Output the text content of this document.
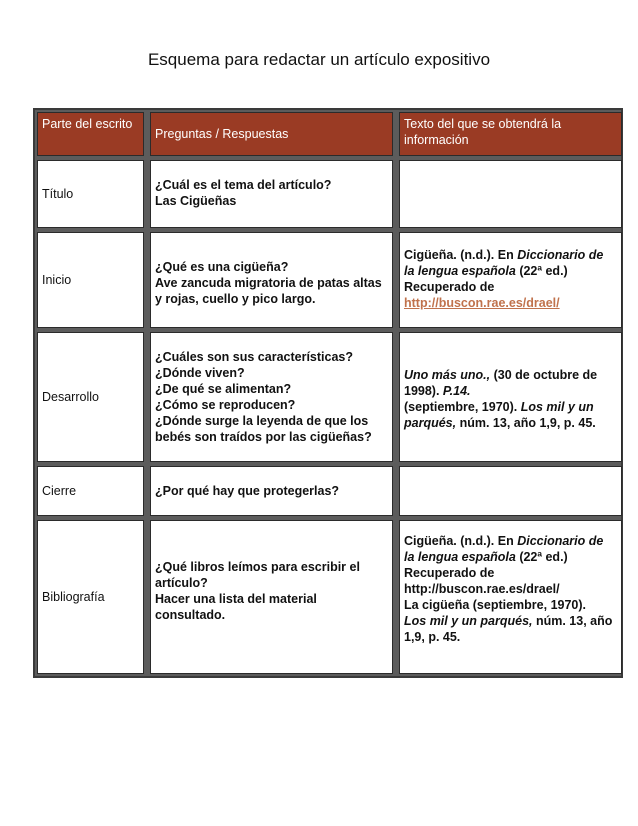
Esquema para redactar un artículo expositivo
Parte del escrito
Preguntas / Respuestas
Texto del que se obtendrá la información
Título
¿Cuál es el tema del artículo?
Las Cigüeñas
Inicio
¿Qué es una cigüeña?
Ave zancuda migratoria de patas altas y rojas, cuello y pico largo.
Cigüeña. (n.d.). En Diccionario de la lengua española (22ª ed.)
Recuperado de
http://buscon.rae.es/drael/
Desarrollo
¿Cuáles son sus características?
¿Dónde viven?
¿De qué se alimentan?
¿Cómo se reproducen?
¿Dónde surge la leyenda de que los bebés son traídos por las cigüeñas?
Uno más uno., (30 de octubre de 1998). P.14.
(septiembre, 1970). Los mil y un parqués, núm. 13, año 1,9, p. 45.
Cierre	¿Por qué hay que protegerlas?
Bibliografía
¿Qué libros leímos para escribir el artículo?
Hacer una lista del material consultado.
Cigüeña. (n.d.). En Diccionario de la lengua española (22ª ed.)
Recuperado de
http://buscon.rae.es/drael/
La cigüeña (septiembre, 1970).
Los mil y un parqués, núm. 13, año 1,9, p. 45.
